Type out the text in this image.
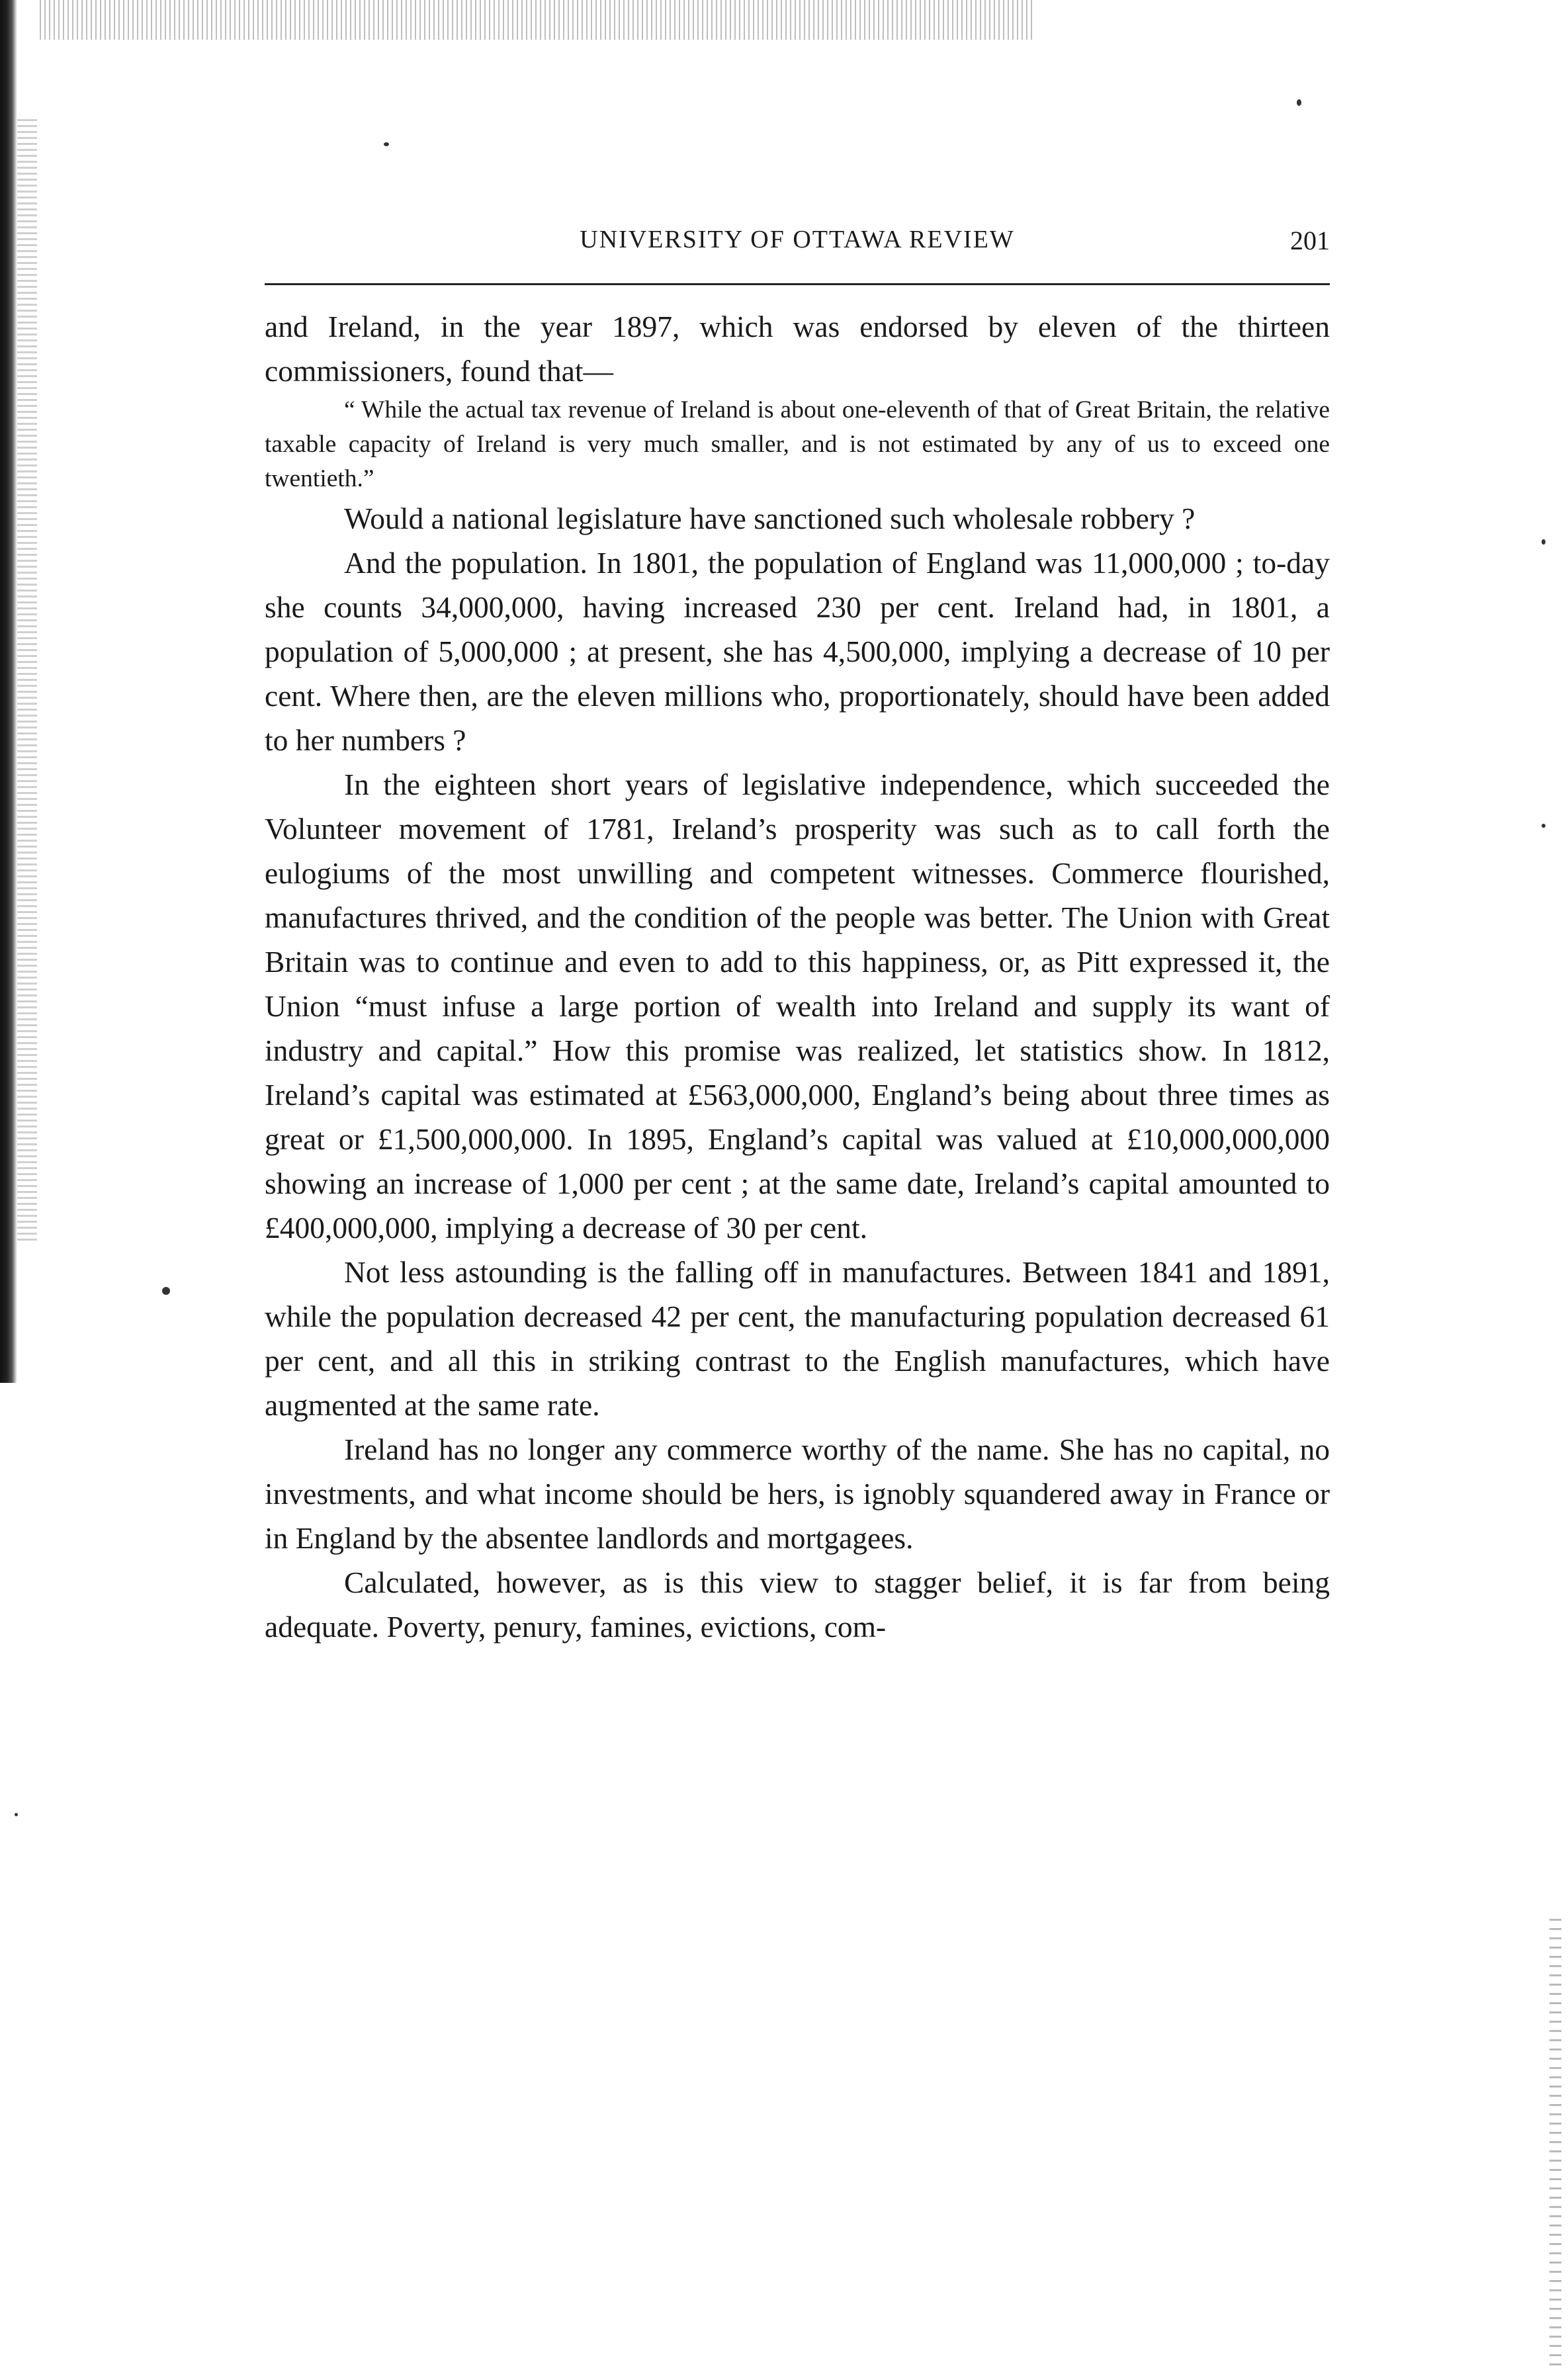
UNIVERSITY OF OTTAWA REVIEW	201

and Ireland, in the year 1897, which was endorsed by eleven of the thirteen commissioners, found that—

“ While the actual tax revenue of Ireland is about one-eleventh of that of Great Britain, the relative taxable capacity of Ireland is very much smaller, and is not estimated by any of us to exceed one twentieth.”

Would a national legislature have sanctioned such wholesale robbery ?

And the population. In 1801, the population of England was 11,000,000 ; to-day she counts 34,000,000, having increased 230 per cent. Ireland had, in 1801, a population of 5,000,000 ; at present, she has 4,500,000, implying a decrease of 10 per cent. Where then, are the eleven millions who, proportionately, should have been added to her numbers ?

In the eighteen short years of legislative independence, which succeeded the Volunteer movement of 1781, Ireland’s prosperity was such as to call forth the eulogiums of the most unwilling and competent witnesses. Commerce flourished, manufactures thrived, and the condition of the people was better. The Union with Great Britain was to continue and even to add to this happiness, or, as Pitt expressed it, the Union “must infuse a large portion of wealth into Ireland and supply its want of industry and capital.” How this promise was realized, let statistics show. In 1812, Ireland’s capital was estimated at £563,000,000, England’s being about three times as great or £1,500,000,000. In 1895, England’s capital was valued at £10,000,000,000 showing an increase of 1,000 per cent ; at the same date, Ireland’s capital amounted to £400,000,000, implying a decrease of 30 per cent.

Not less astounding is the falling off in manufactures. Between 1841 and 1891, while the population decreased 42 per cent, the manufacturing population decreased 61 per cent, and all this in striking contrast to the English manufactures, which have augmented at the same rate.

Ireland has no longer any commerce worthy of the name. She has no capital, no investments, and what income should be hers, is ignobly squandered away in France or in England by the absentee landlords and mortgagees.

Calculated, however, as is this view to stagger belief, it is far from being adequate. Poverty, penury, famines, evictions, com-
